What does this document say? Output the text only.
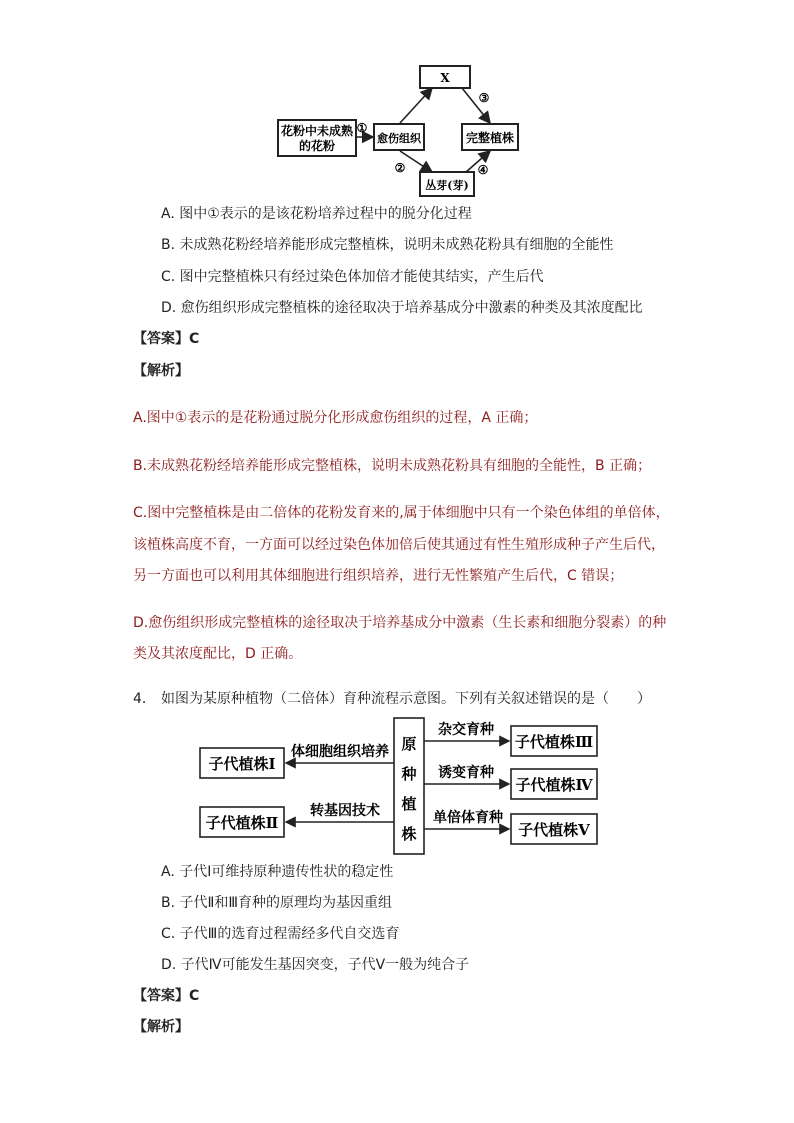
花粉中未成熟
的花粉
愈伤组织
X
完整植株
丛芽(芽)
①
②
③
④
A. 图中①表示的是该花粉培养过程中的脱分化过程
B. 未成熟花粉经培养能形成完整植株，说明未成熟花粉具有细胞的全能性
C. 图中完整植株只有经过染色体加倍才能使其结实，产生后代
D. 愈伤组织形成完整植株的途径取决于培养基成分中激素的种类及其浓度配比
【答案】C
【解析】
A.图中①表示的是花粉通过脱分化形成愈伤组织的过程，A 正确；
B.未成熟花粉经培养能形成完整植株，说明未成熟花粉具有细胞的全能性，B 正确；
C.图中完整植株是由二倍体的花粉发育来的,属于体细胞中只有一个染色体组的单倍体，
该植株高度不育，一方面可以经过染色体加倍后使其通过有性生殖形成种子产生后代，
另一方面也可以利用其体细胞进行组织培养，进行无性繁殖产生后代，C 错误；
D.愈伤组织形成完整植株的途径取决于培养基成分中激素（生长素和细胞分裂素）的种
类及其浓度配比，D 正确。
4. 如图为某原种植物（二倍体）育种流程示意图。下列有关叙述错误的是（　　）
原
种
植
株
子代植株Ⅰ
子代植株Ⅱ
体细胞组织培养
转基因技术
子代植株Ⅲ
子代植株Ⅳ
子代植株Ⅴ
杂交育种
诱变育种
单倍体育种
A. 子代Ⅰ可维持原种遗传性状的稳定性
B. 子代Ⅱ和Ⅲ育种的原理均为基因重组
C. 子代Ⅲ的选育过程需经多代自交选育
D. 子代Ⅳ可能发生基因突变，子代Ⅴ一般为纯合子
【答案】C
【解析】
